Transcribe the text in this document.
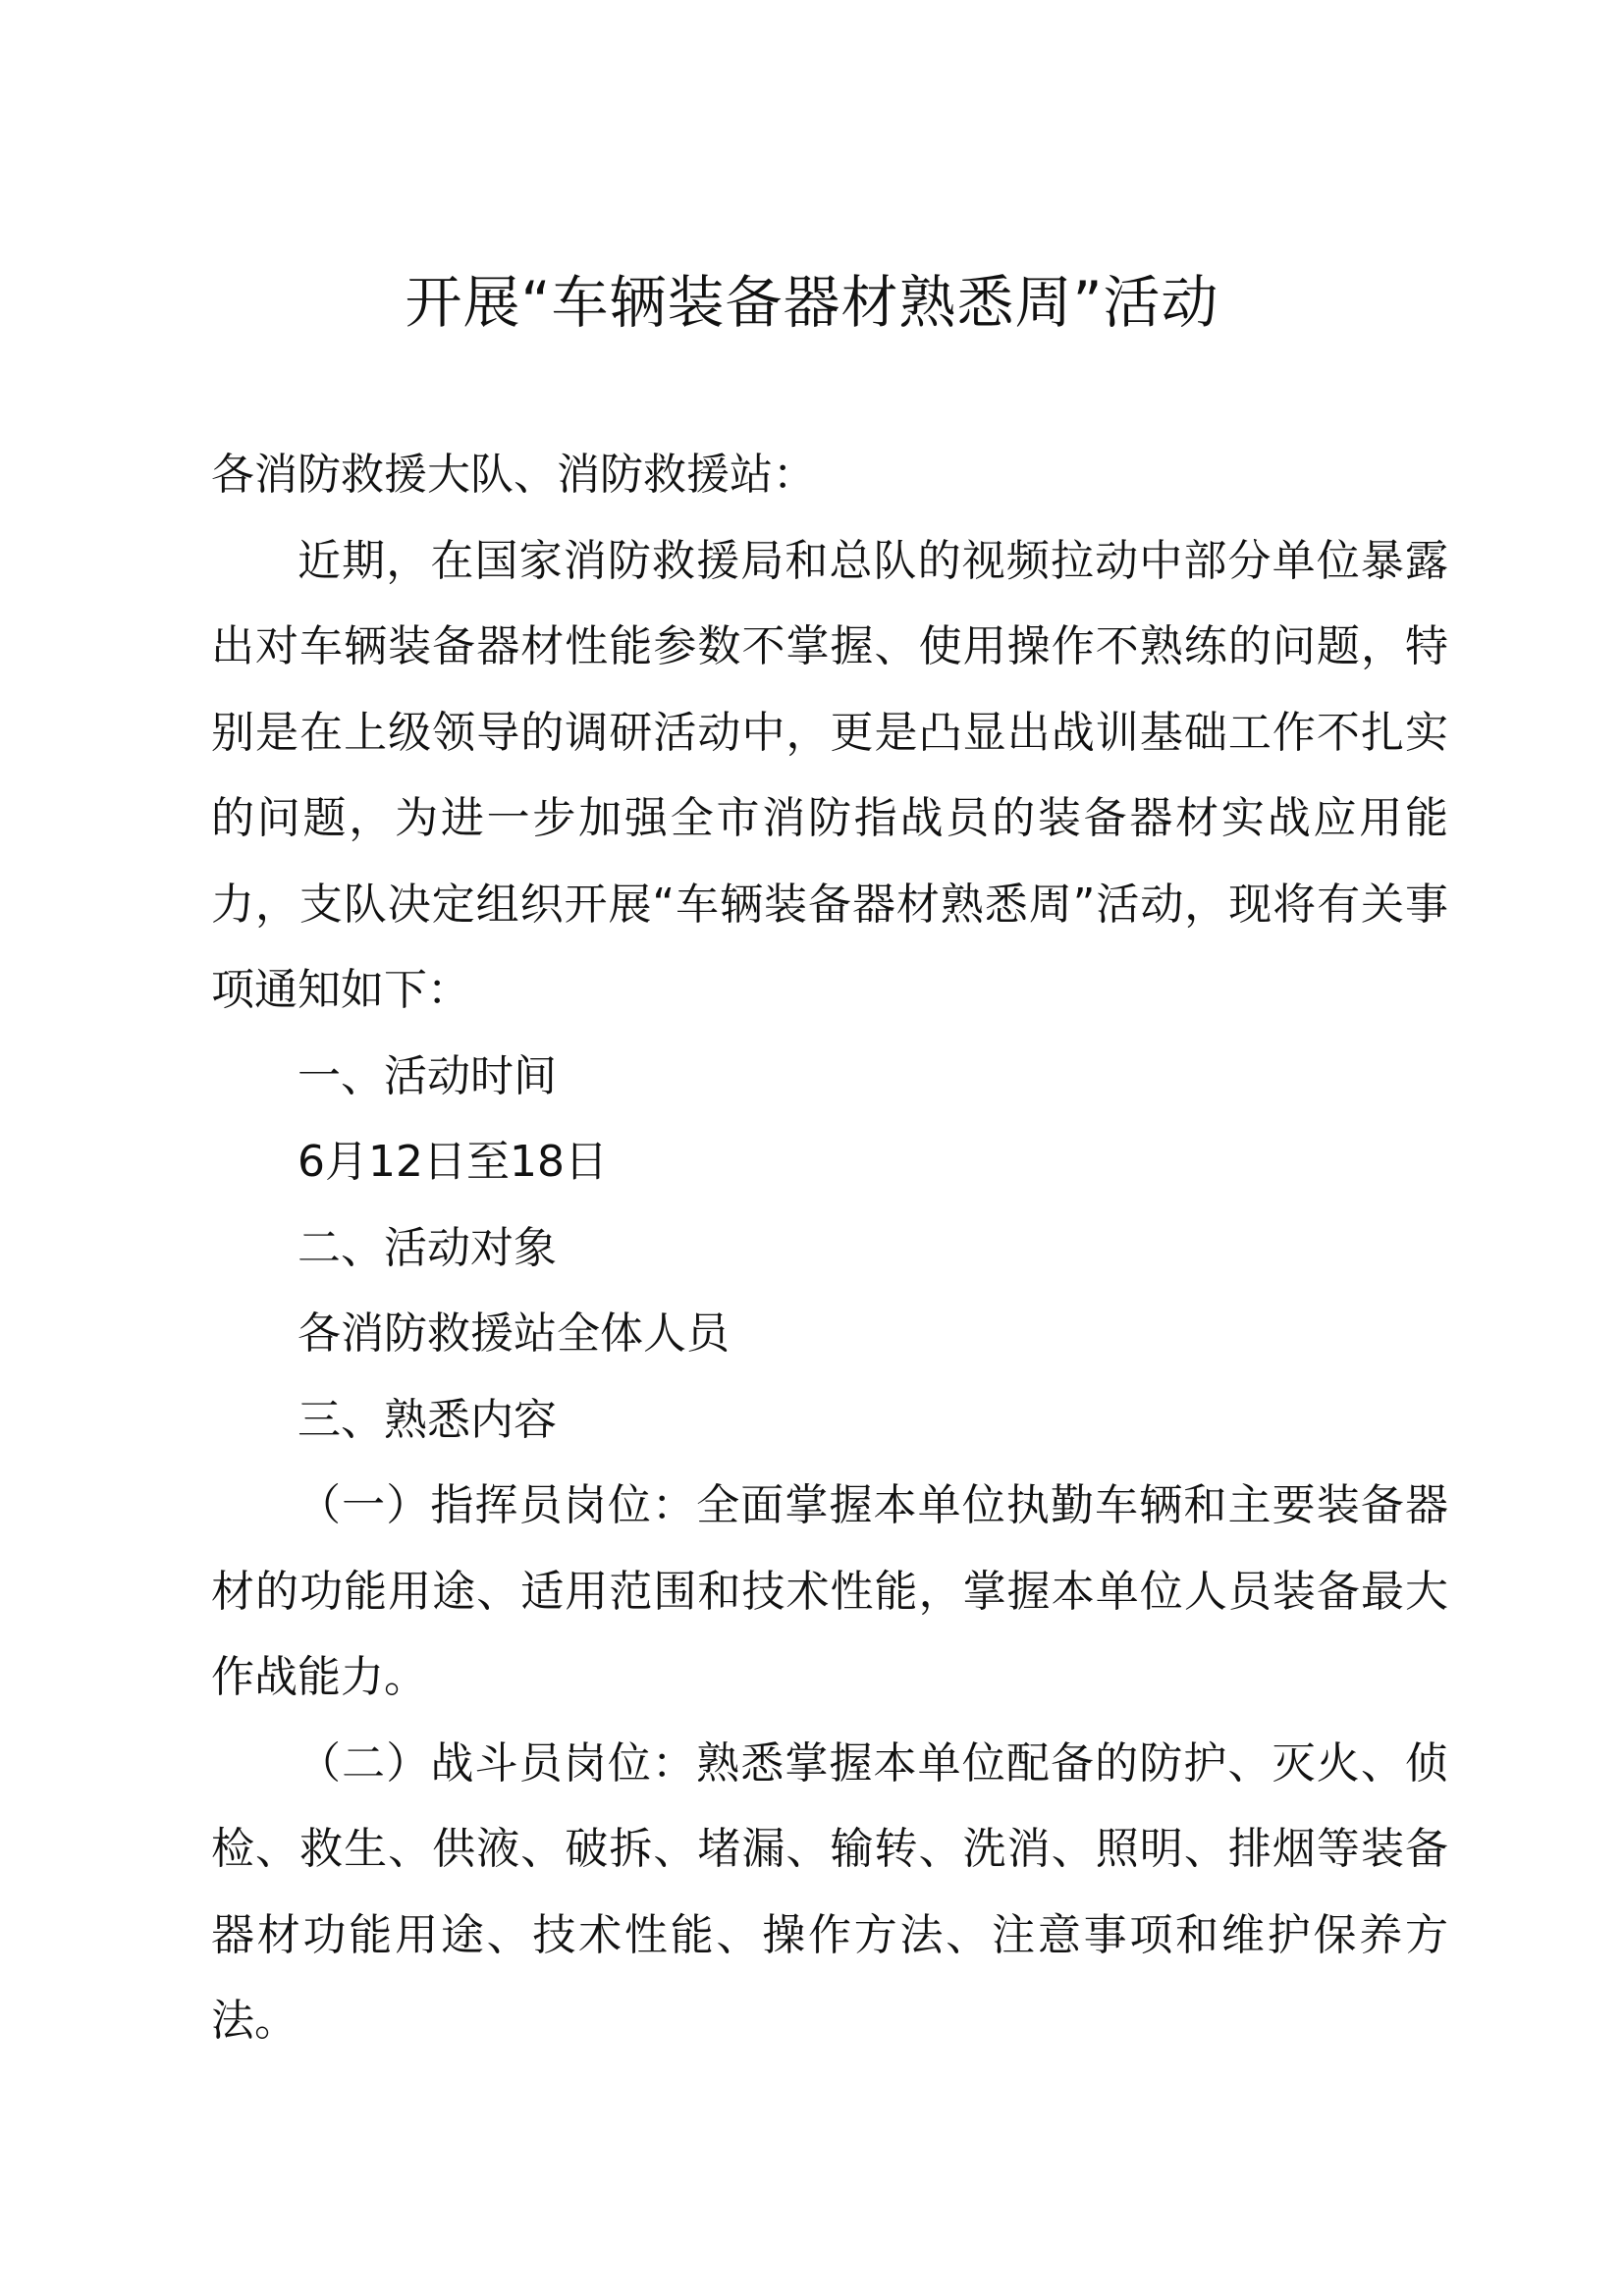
开展“车辆装备器材熟悉周”活动

各消防救援大队、消防救援站：

近期，在国家消防救援局和总队的视频拉动中部分单位暴露出对车辆装备器材性能参数不掌握、使用操作不熟练的问题，特别是在上级领导的调研活动中，更是凸显出战训基础工作不扎实的问题，为进一步加强全市消防指战员的装备器材实战应用能力，支队决定组织开展“车辆装备器材熟悉周”活动，现将有关事项通知如下：

一、活动时间

6月12日至18日

二、活动对象

各消防救援站全体人员

三、熟悉内容

（一）指挥员岗位：全面掌握本单位执勤车辆和主要装备器材的功能用途、适用范围和技术性能，掌握本单位人员装备最大作战能力。

（二）战斗员岗位：熟悉掌握本单位配备的防护、灭火、侦检、救生、供液、破拆、堵漏、输转、洗消、照明、排烟等装备器材功能用途、技术性能、操作方法、注意事项和维护保养方法。
